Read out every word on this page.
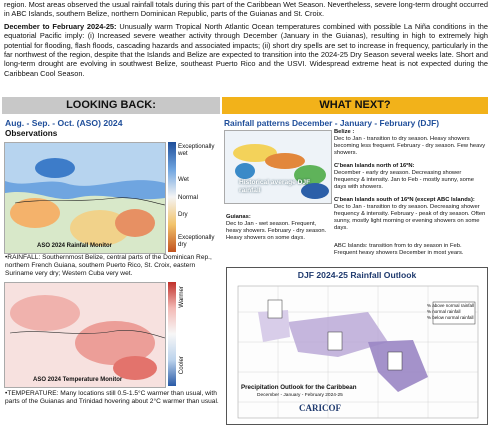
region. Most areas observed the usual rainfall totals during this part of the Caribbean Wet Season. Nevertheless, severe long-term drought occurred in ABC Islands, southern Belize, northern Dominican Republic, parts of the Guianas and St. Croix.

December to February 2024-25: Unusually warm Tropical North Atlantic Ocean temperatures combined with possible La Niña conditions in the equatorial Pacific imply: (i) Increased severe weather activity through December (January in the Guianas), resulting in high to extremely high potential for flooding, flash floods, cascading hazards and associated impacts; (ii) short dry spells are set to increase in frequency, particularly in the far northwest of the region, despite that the Islands and Belize are expected to transition into the 2024-25 Dry Season several weeks late. Short and long-term drought are evolving in southwest Belize, southeast Puerto Rico and the USVI. Widespread extreme heat is not expected during the Caribbean Cool Season.

LOOKING BACK:	WHAT NEXT?
Aug. - Sep. - Oct. (ASO) 2024
Observations
ASO 2024 Rainfall Monitor
Exceptionally wet
Wet
Normal
Dry
Exceptionally dry
•RAINFALL: Southernmost Belize, central parts of the Dominican Rep., northern French Guiana, southern Puerto Rico, St. Croix, eastern Suriname very dry; Western Cuba very wet.
ASO 2024 Temperature Monitor
Warmer
Cooler
•TEMPERATURE: Many locations still 0.5-1.5°C warmer than usual, with parts of the Guianas and Trinidad hovering about 2°C warmer than usual.
Rainfall patterns December - January - February (DJF)
Historical average DJF rainfall
Belize :
Dec to Jan - transition to dry season. Heavy showers becoming less frequent. February - dry season. Few heavy showers.
C'bean Islands north of 16ºN:
December - early dry season. Decreasing shower frequency & intensity. Jan to Feb - mostly sunny, some days with showers.
C'bean Islands south of 16ºN (except ABC Islands):
Dec to Jan - transition to dry season. Decreasing shower frequency & intensity. February - peak of dry season. Often sunny, mostly light morning or evening showers on some days.
ABC Islands: transition from to dry season in Feb. Frequent heavy showers December in most years.
Guianas:
Dec to Jan - wet season. Frequent, heavy showers. February - dry season. Heavy showers on some days.
DJF 2024-25 Rainfall Outlook
% above normal rainfall
% normal rainfall
% below normal rainfall
Precipitation Outlook for the Caribbean
December - January - February 2024-25
CARICOF
